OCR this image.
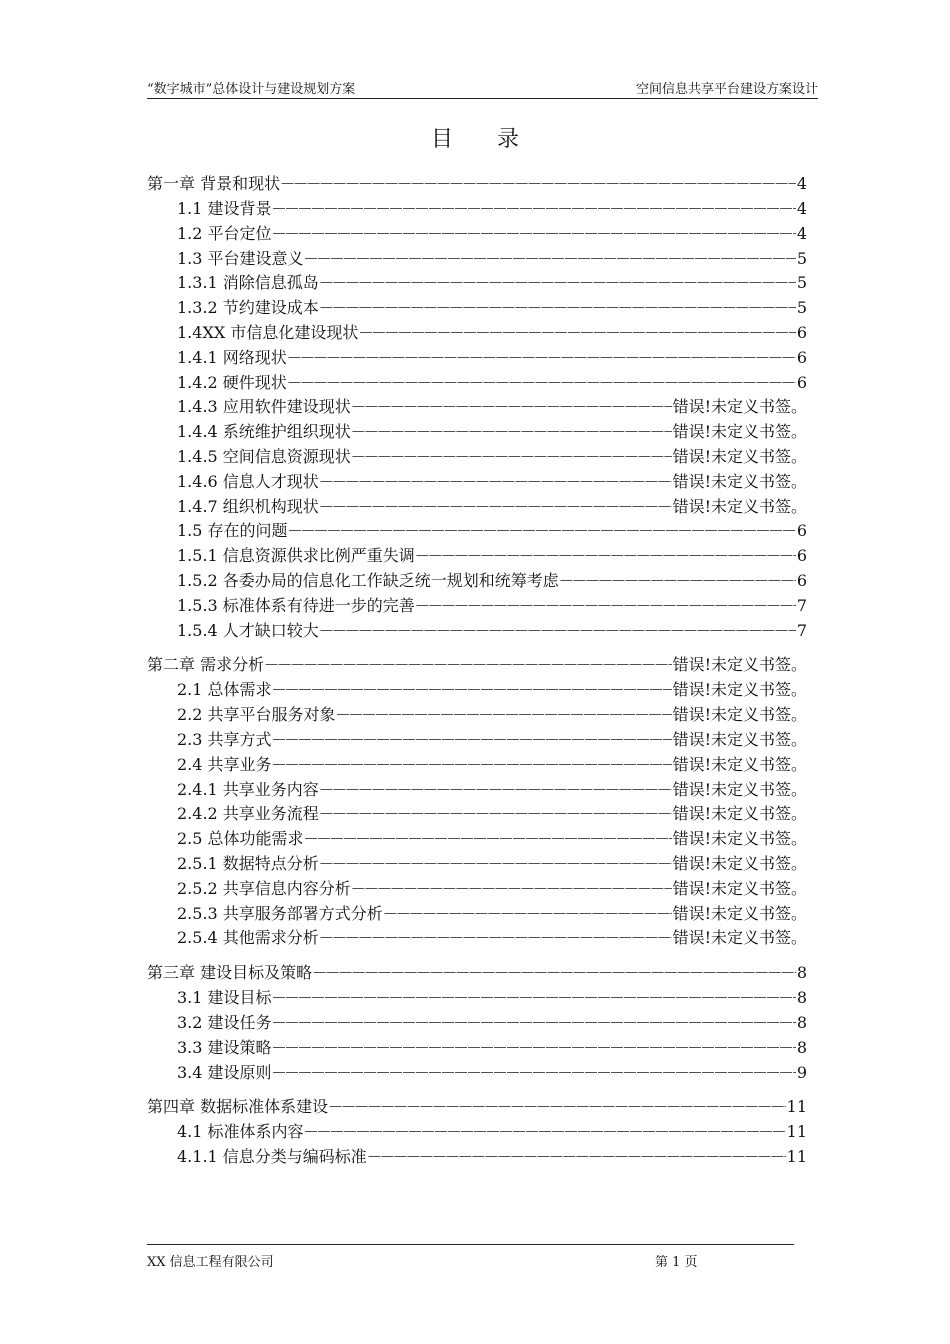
“数字城市”总体设计与建设规划方案	空间信息共享平台建设方案设计
目录
第一章 背景和现状 —————	4
1.1 建设背景 —————	4
1.2 平台定位 —————	4
1.3 平台建设意义 —————	5
1.3.1 消除信息孤岛 —————	5
1.3.2 节约建设成本 —————	5
1.4XX 市信息化建设现状 —————	6
1.4.1 网络现状 —————	6
1.4.2 硬件现状 —————	6
1.4.3 应用软件建设现状 —————	错误!未定义书签。
1.4.4 系统维护组织现状 —————	错误!未定义书签。
1.4.5 空间信息资源现状 —————	错误!未定义书签。
1.4.6 信息人才现状 —————	错误!未定义书签。
1.4.7 组织机构现状 —————	错误!未定义书签。
1.5 存在的问题 —————	6
1.5.1 信息资源供求比例严重失调 —————	6
1.5.2 各委办局的信息化工作缺乏统一规划和统筹考虑 —————	6
1.5.3 标准体系有待进一步的完善 —————	7
1.5.4 人才缺口较大 —————	7
第二章 需求分析 —————	错误!未定义书签。
2.1 总体需求 —————	错误!未定义书签。
2.2 共享平台服务对象 —————	错误!未定义书签。
2.3 共享方式 —————	错误!未定义书签。
2.4 共享业务 —————	错误!未定义书签。
2.4.1 共享业务内容 —————	错误!未定义书签。
2.4.2 共享业务流程 —————	错误!未定义书签。
2.5 总体功能需求 —————	错误!未定义书签。
2.5.1 数据特点分析 —————	错误!未定义书签。
2.5.2 共享信息内容分析 —————	错误!未定义书签。
2.5.3 共享服务部署方式分析 —————	错误!未定义书签。
2.5.4 其他需求分析 —————	错误!未定义书签。
第三章 建设目标及策略 —————	8
3.1 建设目标 —————	8
3.2 建设任务 —————	8
3.3 建设策略 —————	8
3.4 建设原则 —————	9
第四章 数据标准体系建设 —————	11
4.1 标准体系内容 —————	11
4.1.1 信息分类与编码标准 —————	11
XX 信息工程有限公司	第 1 页
